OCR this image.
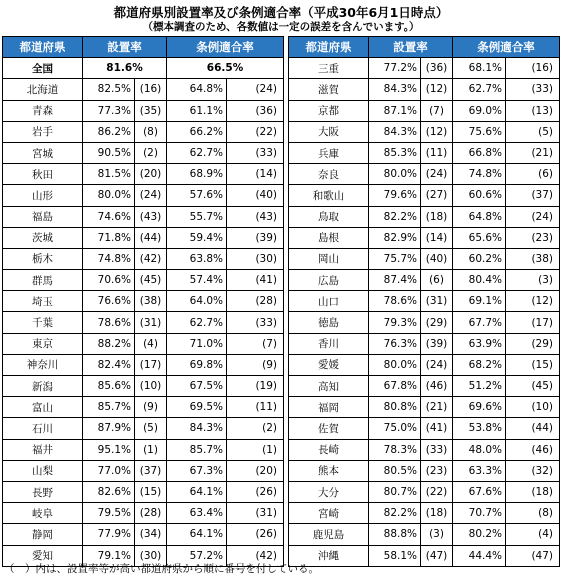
都道府県別設置率及び条例適合率（平成30年6月1日時点）
（標本調査のため、各数値は一定の誤差を含んでいます。）
都道府県	設置率		条例適合率	
全国	81.6%		66.5%	
北海道	82.5%	(16)	64.8%	(24)
青森	77.3%	(35)	61.1%	(36)
岩手	86.2%	(8)	66.2%	(22)
宮城	90.5%	(2)	62.7%	(33)
秋田	81.5%	(20)	68.9%	(14)
山形	80.0%	(24)	57.6%	(40)
福島	74.6%	(43)	55.7%	(43)
茨城	71.8%	(44)	59.4%	(39)
栃木	74.8%	(42)	63.8%	(30)
群馬	70.6%	(45)	57.4%	(41)
埼玉	76.6%	(38)	64.0%	(28)
千葉	78.6%	(31)	62.7%	(33)
東京	88.2%	(4)	71.0%	(7)
神奈川	82.4%	(17)	69.8%	(9)
新潟	85.6%	(10)	67.5%	(19)
富山	85.7%	(9)	69.5%	(11)
石川	87.9%	(5)	84.3%	(2)
福井	95.1%	(1)	85.7%	(1)
山梨	77.0%	(37)	67.3%	(20)
長野	82.6%	(15)	64.1%	(26)
岐阜	79.5%	(28)	63.4%	(31)
静岡	77.9%	(34)	64.1%	(26)
愛知	79.1%	(30)	57.2%	(42)
都道府県	設置率		条例適合率	
三重	77.2%	(36)	68.1%	(16)
滋賀	84.3%	(12)	62.7%	(33)
京都	87.1%	(7)	69.0%	(13)
大阪	84.3%	(12)	75.6%	(5)
兵庫	85.3%	(11)	66.8%	(21)
奈良	80.0%	(24)	74.8%	(6)
和歌山	79.6%	(27)	60.6%	(37)
鳥取	82.2%	(18)	64.8%	(24)
島根	82.9%	(14)	65.6%	(23)
岡山	75.7%	(40)	60.2%	(38)
広島	87.4%	(6)	80.4%	(3)
山口	78.6%	(31)	69.1%	(12)
徳島	79.3%	(29)	67.7%	(17)
香川	76.3%	(39)	63.9%	(29)
愛媛	80.0%	(24)	68.2%	(15)
高知	67.8%	(46)	51.2%	(45)
福岡	80.8%	(21)	69.6%	(10)
佐賀	75.0%	(41)	53.8%	(44)
長崎	78.3%	(33)	48.0%	(46)
熊本	80.5%	(23)	63.3%	(32)
大分	80.7%	(22)	67.6%	(18)
宮崎	82.2%	(18)	70.7%	(8)
鹿児島	88.8%	(3)	80.2%	(4)
沖縄	58.1%	(47)	44.4%	(47)
（　）内は、設置率等が高い都道府県から順に番号を付している。
